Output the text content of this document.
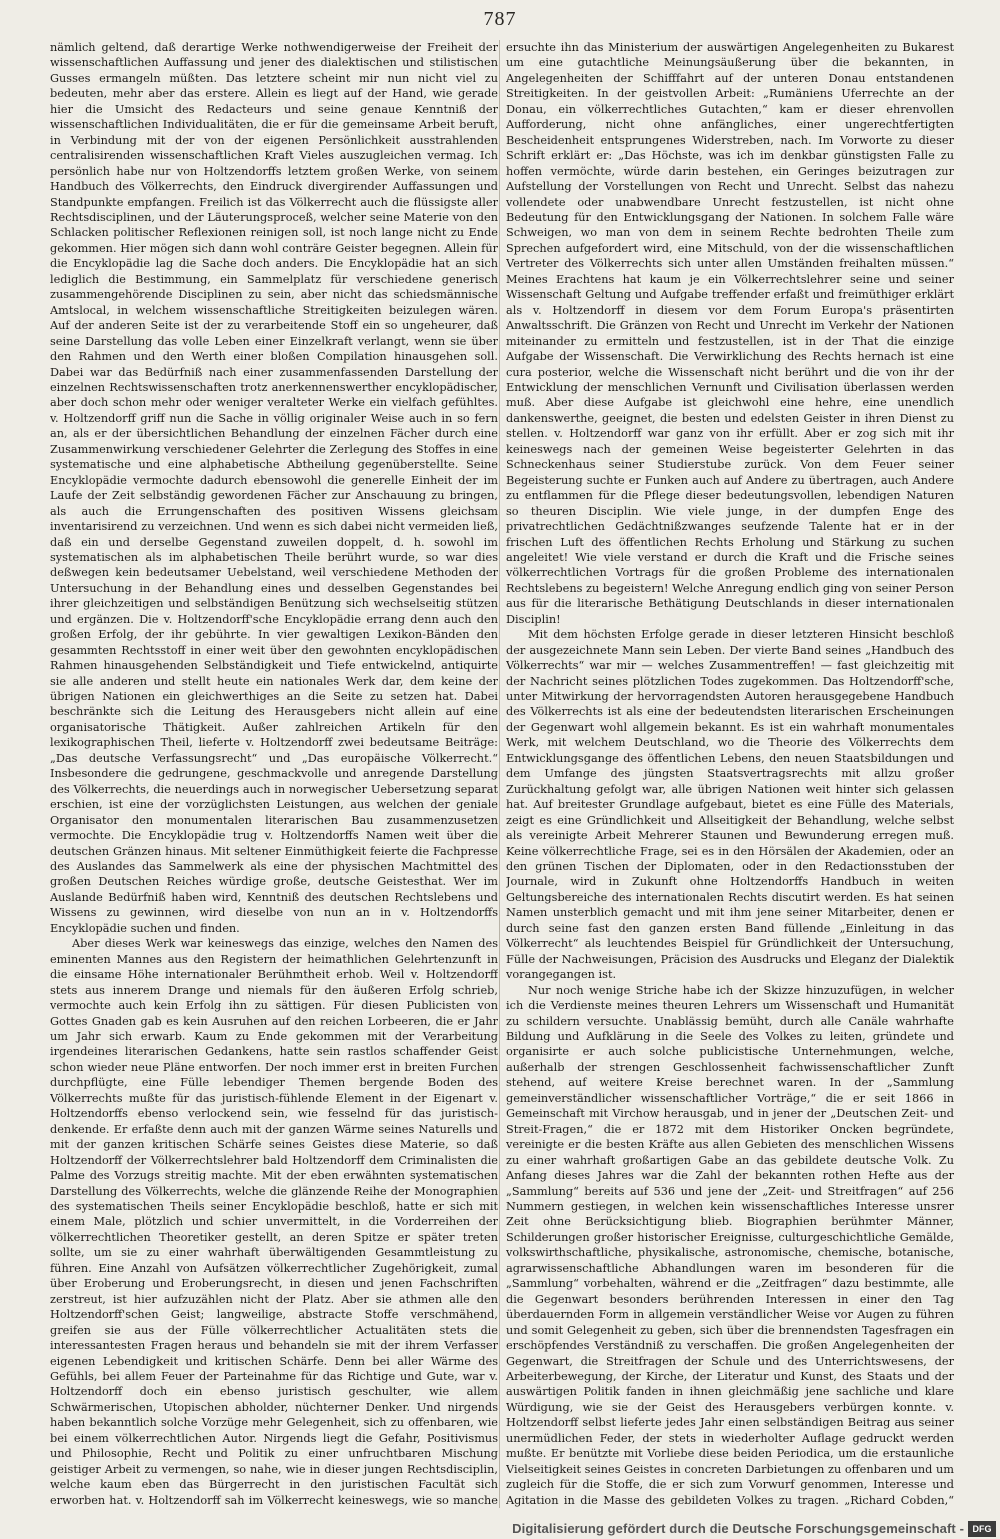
787

nämlich geltend, daß derartige Werke nothwendigerweise der Freiheit der wissenschaftlichen Auffassung und jener des dialektischen und stilistischen Gusses ermangeln müßten. Das letztere scheint mir nun nicht viel zu bedeuten, mehr aber das erstere. Allein es liegt auf der Hand, wie gerade hier die Umsicht des Redacteurs und seine genaue Kenntniß der wissenschaftlichen Individualitäten, die er für die gemeinsame Arbeit beruft, in Verbindung mit der von der eigenen Persönlichkeit ausstrahlenden centralisirenden wissenschaftlichen Kraft Vieles auszugleichen vermag. Ich persönlich habe nur von Holtzendorffs letztem großen Werke, von seinem Handbuch des Völkerrechts, den Eindruck divergirender Auffassungen und Standpunkte empfangen. Freilich ist das Völkerrecht auch die flüssigste aller Rechtsdisciplinen, und der Läuterungsproceß, welcher seine Materie von den Schlacken politischer Reflexionen reinigen soll, ist noch lange nicht zu Ende gekommen. Hier mögen sich dann wohl conträre Geister begegnen. Allein für die Encyklopädie lag die Sache doch anders. Die Encyklopädie hat an sich lediglich die Bestimmung, ein Sammelplatz für verschiedene generisch zusammengehörende Disciplinen zu sein, aber nicht das schiedsmännische Amtslocal, in welchem wissenschaftliche Streitigkeiten beizulegen wären. Auf der anderen Seite ist der zu verarbeitende Stoff ein so ungeheurer, daß seine Darstellung das volle Leben einer Einzelkraft verlangt, wenn sie über den Rahmen und den Werth einer bloßen Compilation hinausgehen soll. Dabei war das Bedürfniß nach einer zusammenfassenden Darstellung der einzelnen Rechtswissenschaften trotz anerkennenswerther encyklopädischer, aber doch schon mehr oder weniger veralteter Werke ein vielfach gefühltes. v. Holtzendorff griff nun die Sache in völlig originaler Weise auch in so fern an, als er der übersichtlichen Behandlung der einzelnen Fächer durch eine Zusammenwirkung verschiedener Gelehrter die Zerlegung des Stoffes in eine systematische und eine alphabetische Abtheilung gegenüberstellte. Seine Encyklopädie vermochte dadurch ebensowohl die generelle Einheit der im Laufe der Zeit selbständig gewordenen Fächer zur Anschauung zu bringen, als auch die Errungenschaften des positiven Wissens gleichsam inventarisirend zu verzeichnen. Und wenn es sich dabei nicht vermeiden ließ, daß ein und derselbe Gegenstand zuweilen doppelt, d. h. sowohl im systematischen als im alphabetischen Theile berührt wurde, so war dies deßwegen kein bedeutsamer Uebelstand, weil verschiedene Methoden der Untersuchung in der Behandlung eines und desselben Gegenstandes bei ihrer gleichzeitigen und selbständigen Benützung sich wechselseitig stützen und ergänzen. Die v. Holtzendorff'sche Encyklopädie errang denn auch den großen Erfolg, der ihr gebührte. In vier gewaltigen Lexikon-Bänden den gesammten Rechtsstoff in einer weit über den gewohnten encyklopädischen Rahmen hinausgehenden Selbständigkeit und Tiefe entwickelnd, antiquirte sie alle anderen und stellt heute ein nationales Werk dar, dem keine der übrigen Nationen ein gleichwerthiges an die Seite zu setzen hat. Dabei beschränkte sich die Leitung des Herausgebers nicht allein auf eine organisatorische Thätigkeit. Außer zahlreichen Artikeln für den lexikographischen Theil, lieferte v. Holtzendorff zwei bedeutsame Beiträge: „Das deutsche Verfassungsrecht“ und „Das europäische Völkerrecht.“ Insbesondere die gedrungene, geschmackvolle und anregende Darstellung des Völkerrechts, die neuerdings auch in norwegischer Uebersetzung separat erschien, ist eine der vorzüglichsten Leistungen, aus welchen der geniale Organisator den monumentalen literarischen Bau zusammenzusetzen vermochte. Die Encyklopädie trug v. Holtzendorffs Namen weit über die deutschen Gränzen hinaus. Mit seltener Einmüthigkeit feierte die Fachpresse des Auslandes das Sammelwerk als eine der physischen Machtmittel des großen Deutschen Reiches würdige große, deutsche Geistesthat. Wer im Auslande Bedürfniß haben wird, Kenntniß des deutschen Rechtslebens und Wissens zu gewinnen, wird dieselbe von nun an in v. Holtzendorffs Encyklopädie suchen und finden.

Aber dieses Werk war keineswegs das einzige, welches den Namen des eminenten Mannes aus den Registern der heimathlichen Gelehrtenzunft in die einsame Höhe internationaler Berühmtheit erhob. Weil v. Holtzendorff stets aus innerem Drange und niemals für den äußeren Erfolg schrieb, vermochte auch kein Erfolg ihn zu sättigen. Für diesen Publicisten von Gottes Gnaden gab es kein Ausruhen auf den reichen Lorbeeren, die er Jahr um Jahr sich erwarb. Kaum zu Ende gekommen mit der Verarbeitung irgendeines literarischen Gedankens, hatte sein rastlos schaffender Geist schon wieder neue Pläne entworfen. Der noch immer erst in breiten Furchen durchpflügte, eine Fülle lebendiger Themen bergende Boden des Völkerrechts mußte für das juristisch-fühlende Element in der Eigenart v. Holtzendorffs ebenso verlockend sein, wie fesselnd für das juristisch-denkende. Er erfaßte denn auch mit der ganzen Wärme seines Naturells und mit der ganzen kritischen Schärfe seines Geistes diese Materie, so daß Holtzendorff der Völkerrechtslehrer bald Holtzendorff dem Criminalisten die Palme des Vorzugs streitig machte. Mit der eben erwähnten systematischen Darstellung des Völkerrechts, welche die glänzende Reihe der Monographien des systematischen Theils seiner Encyklopädie beschloß, hatte er sich mit einem Male, plötzlich und schier unvermittelt, in die Vorderreihen der völkerrechtlichen Theoretiker gestellt, an deren Spitze er später treten sollte, um sie zu einer wahrhaft überwältigenden Gesammtleistung zu führen. Eine Anzahl von Aufsätzen völkerrechtlicher Zugehörigkeit, zumal über Eroberung und Eroberungsrecht, in diesen und jenen Fachschriften zerstreut, ist hier aufzuzählen nicht der Platz. Aber sie athmen alle den Holtzendorff'schen Geist; langweilige, abstracte Stoffe verschmähend, greifen sie aus der Fülle völkerrechtlicher Actualitäten stets die interessantesten Fragen heraus und behandeln sie mit der ihrem Verfasser eigenen Lebendigkeit und kritischen Schärfe. Denn bei aller Wärme des Gefühls, bei allem Feuer der Parteinahme für das Richtige und Gute, war v. Holtzendorff doch ein ebenso juristisch geschulter, wie allem Schwärmerischen, Utopischen abholder, nüchterner Denker. Und nirgends haben bekanntlich solche Vorzüge mehr Gelegenheit, sich zu offenbaren, wie bei einem völkerrechtlichen Autor. Nirgends liegt die Gefahr, Positivismus und Philosophie, Recht und Politik zu einer unfruchtbaren Mischung geistiger Arbeit zu vermengen, so nahe, wie in dieser jungen Rechtsdisciplin, welche kaum eben das Bürgerrecht in den juristischen Facultät sich erworben hat. v. Holtzendorff sah im Völkerrecht keineswegs, wie so manche

ersuchte ihn das Ministerium der auswärtigen Angelegenheiten zu Bukarest um eine gutachtliche Meinungsäußerung über die bekannten, in Angelegenheiten der Schifffahrt auf der unteren Donau entstandenen Streitigkeiten. In der geistvollen Arbeit: „Rumäniens Uferrechte an der Donau, ein völkerrechtliches Gutachten,“ kam er dieser ehrenvollen Aufforderung, nicht ohne anfängliches, einer ungerechtfertigten Bescheidenheit entsprungenes Widerstreben, nach. Im Vorworte zu dieser Schrift erklärt er: „Das Höchste, was ich im denkbar günstigsten Falle zu hoffen vermöchte, würde darin bestehen, ein Geringes beizutragen zur Aufstellung der Vorstellungen von Recht und Unrecht. Selbst das nahezu vollendete oder unabwendbare Unrecht festzustellen, ist nicht ohne Bedeutung für den Entwicklungsgang der Nationen. In solchem Falle wäre Schweigen, wo man von dem in seinem Rechte bedrohten Theile zum Sprechen aufgefordert wird, eine Mitschuld, von der die wissenschaftlichen Vertreter des Völkerrechts sich unter allen Umständen freihalten müssen.“ Meines Erachtens hat kaum je ein Völkerrechtslehrer seine und seiner Wissenschaft Geltung und Aufgabe treffender erfaßt und freimüthiger erklärt als v. Holtzendorff in diesem vor dem Forum Europa's präsentirten Anwaltsschrift. Die Gränzen von Recht und Unrecht im Verkehr der Nationen miteinander zu ermitteln und festzustellen, ist in der That die einzige Aufgabe der Wissenschaft. Die Verwirklichung des Rechts hernach ist eine cura posterior, welche die Wissenschaft nicht berührt und die von ihr der Entwicklung der menschlichen Vernunft und Civilisation überlassen werden muß. Aber diese Aufgabe ist gleichwohl eine hehre, eine unendlich dankenswerthe, geeignet, die besten und edelsten Geister in ihren Dienst zu stellen. v. Holtzendorff war ganz von ihr erfüllt. Aber er zog sich mit ihr keineswegs nach der gemeinen Weise begeisterter Gelehrten in das Schneckenhaus seiner Studierstube zurück. Von dem Feuer seiner Begeisterung suchte er Funken auch auf Andere zu übertragen, auch Andere zu entflammen für die Pflege dieser bedeutungsvollen, lebendigen Naturen so theuren Disciplin. Wie viele junge, in der dumpfen Enge des privatrechtlichen Gedächtnißzwanges seufzende Talente hat er in der frischen Luft des öffentlichen Rechts Erholung und Stärkung zu suchen angeleitet! Wie viele verstand er durch die Kraft und die Frische seines völkerrechtlichen Vortrags für die großen Probleme des internationalen Rechtslebens zu begeistern! Welche Anregung endlich ging von seiner Person aus für die literarische Bethätigung Deutschlands in dieser internationalen Disciplin!

Mit dem höchsten Erfolge gerade in dieser letzteren Hinsicht beschloß der ausgezeichnete Mann sein Leben. Der vierte Band seines „Handbuch des Völkerrechts“ war mir — welches Zusammentreffen! — fast gleichzeitig mit der Nachricht seines plötzlichen Todes zugekommen. Das Holtzendorff'sche, unter Mitwirkung der hervorragendsten Autoren herausgegebene Handbuch des Völkerrechts ist als eine der bedeutendsten literarischen Erscheinungen der Gegenwart wohl allgemein bekannt. Es ist ein wahrhaft monumentales Werk, mit welchem Deutschland, wo die Theorie des Völkerrechts dem Entwicklungsgange des öffentlichen Lebens, den neuen Staatsbildungen und dem Umfange des jüngsten Staatsvertragsrechts mit allzu großer Zurückhaltung gefolgt war, alle übrigen Nationen weit hinter sich gelassen hat. Auf breitester Grundlage aufgebaut, bietet es eine Fülle des Materials, zeigt es eine Gründlichkeit und Allseitigkeit der Behandlung, welche selbst als vereinigte Arbeit Mehrerer Staunen und Bewunderung erregen muß. Keine völkerrechtliche Frage, sei es in den Hörsälen der Akademien, oder an den grünen Tischen der Diplomaten, oder in den Redactionsstuben der Journale, wird in Zukunft ohne Holtzendorffs Handbuch in weiten Geltungsbereiche des internationalen Rechts discutirt werden. Es hat seinen Namen unsterblich gemacht und mit ihm jene seiner Mitarbeiter, denen er durch seine fast den ganzen ersten Band füllende „Einleitung in das Völkerrecht“ als leuchtendes Beispiel für Gründlichkeit der Untersuchung, Fülle der Nachweisungen, Präcision des Ausdrucks und Eleganz der Dialektik vorangegangen ist.

Nur noch wenige Striche habe ich der Skizze hinzuzufügen, in welcher ich die Verdienste meines theuren Lehrers um Wissenschaft und Humanität zu schildern versuchte. Unablässig bemüht, durch alle Canäle wahrhafte Bildung und Aufklärung in die Seele des Volkes zu leiten, gründete und organisirte er auch solche publicistische Unternehmungen, welche, außerhalb der strengen Geschlossenheit fachwissenschaftlicher Zunft stehend, auf weitere Kreise berechnet waren. In der „Sammlung gemeinverständlicher wissenschaftlicher Vorträge,“ die er seit 1866 in Gemeinschaft mit Virchow herausgab, und in jener der „Deutschen Zeit- und Streit-Fragen,“ die er 1872 mit dem Historiker Oncken begründete, vereinigte er die besten Kräfte aus allen Gebieten des menschlichen Wissens zu einer wahrhaft großartigen Gabe an das gebildete deutsche Volk. Zu Anfang dieses Jahres war die Zahl der bekannten rothen Hefte aus der „Sammlung“ bereits auf 536 und jene der „Zeit- und Streitfragen“ auf 256 Nummern gestiegen, in welchen kein wissenschaftliches Interesse unsrer Zeit ohne Berücksichtigung blieb. Biographien berühmter Männer, Schilderungen großer historischer Ereignisse, culturgeschichtliche Gemälde, volkswirthschaftliche, physikalische, astronomische, chemische, botanische, agrarwissenschaftliche Abhandlungen waren im besonderen für die „Sammlung“ vorbehalten, während er die „Zeitfragen“ dazu bestimmte, alle die Gegenwart besonders berührenden Interessen in einer den Tag überdauernden Form in allgemein verständlicher Weise vor Augen zu führen und somit Gelegenheit zu geben, sich über die brennendsten Tagesfragen ein erschöpfendes Verständniß zu verschaffen. Die großen Angelegenheiten der Gegenwart, die Streitfragen der Schule und des Unterrichtswesens, der Arbeiterbewegung, der Kirche, der Literatur und Kunst, des Staats und der auswärtigen Politik fanden in ihnen gleichmäßig jene sachliche und klare Würdigung, wie sie der Geist des Herausgebers verbürgen konnte. v. Holtzendorff selbst lieferte jedes Jahr einen selbständigen Beitrag aus seiner unermüdlichen Feder, der stets in wiederholter Auflage gedruckt werden mußte. Er benützte mit Vorliebe diese beiden Periodica, um die erstaunliche Vielseitigkeit seines Geistes in concreten Darbietungen zu offenbaren und um zugleich für die Stoffe, die er sich zum Vorwurf genommen, Interesse und Agitation in die Masse des gebildeten Volkes zu tragen. „Richard Cobden,“

Digitalisierung gefördert durch die Deutsche Forschungsgemeinschaft - DFG
